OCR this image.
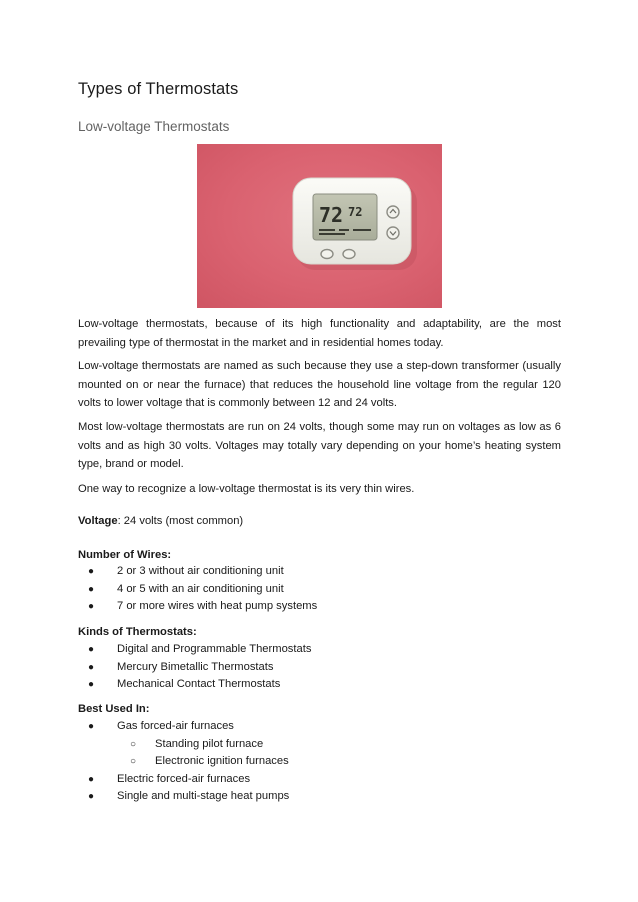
Types of Thermostats
Low-voltage Thermostats
72 72

Low-voltage thermostats, because of its high functionality and adaptability, are the most prevailing type of thermostat in the market and in residential homes today.

Low-voltage thermostats are named as such because they use a step-down transformer (usually mounted on or near the furnace) that reduces the household line voltage from the regular 120 volts to lower voltage that is commonly between 12 and 24 volts.

Most low-voltage thermostats are run on 24 volts, though some may run on voltages as low as 6 volts and as high 30 volts. Voltages may totally vary depending on your home’s heating system type, brand or model.

One way to recognize a low-voltage thermostat is its very thin wires.

Voltage: 24 volts (most common)

Number of Wires:

● 2 or 3 without air conditioning unit
● 4 or 5 with an air conditioning unit
● 7 or more wires with heat pump systems

Kinds of Thermostats:

● Digital and Programmable Thermostats
● Mercury Bimetallic Thermostats
● Mechanical Contact Thermostats

Best Used In:

● Gas forced-air furnaces
○ Standing pilot furnace
○ Electronic ignition furnaces
● Electric forced-air furnaces
● Single and multi-stage heat pumps
